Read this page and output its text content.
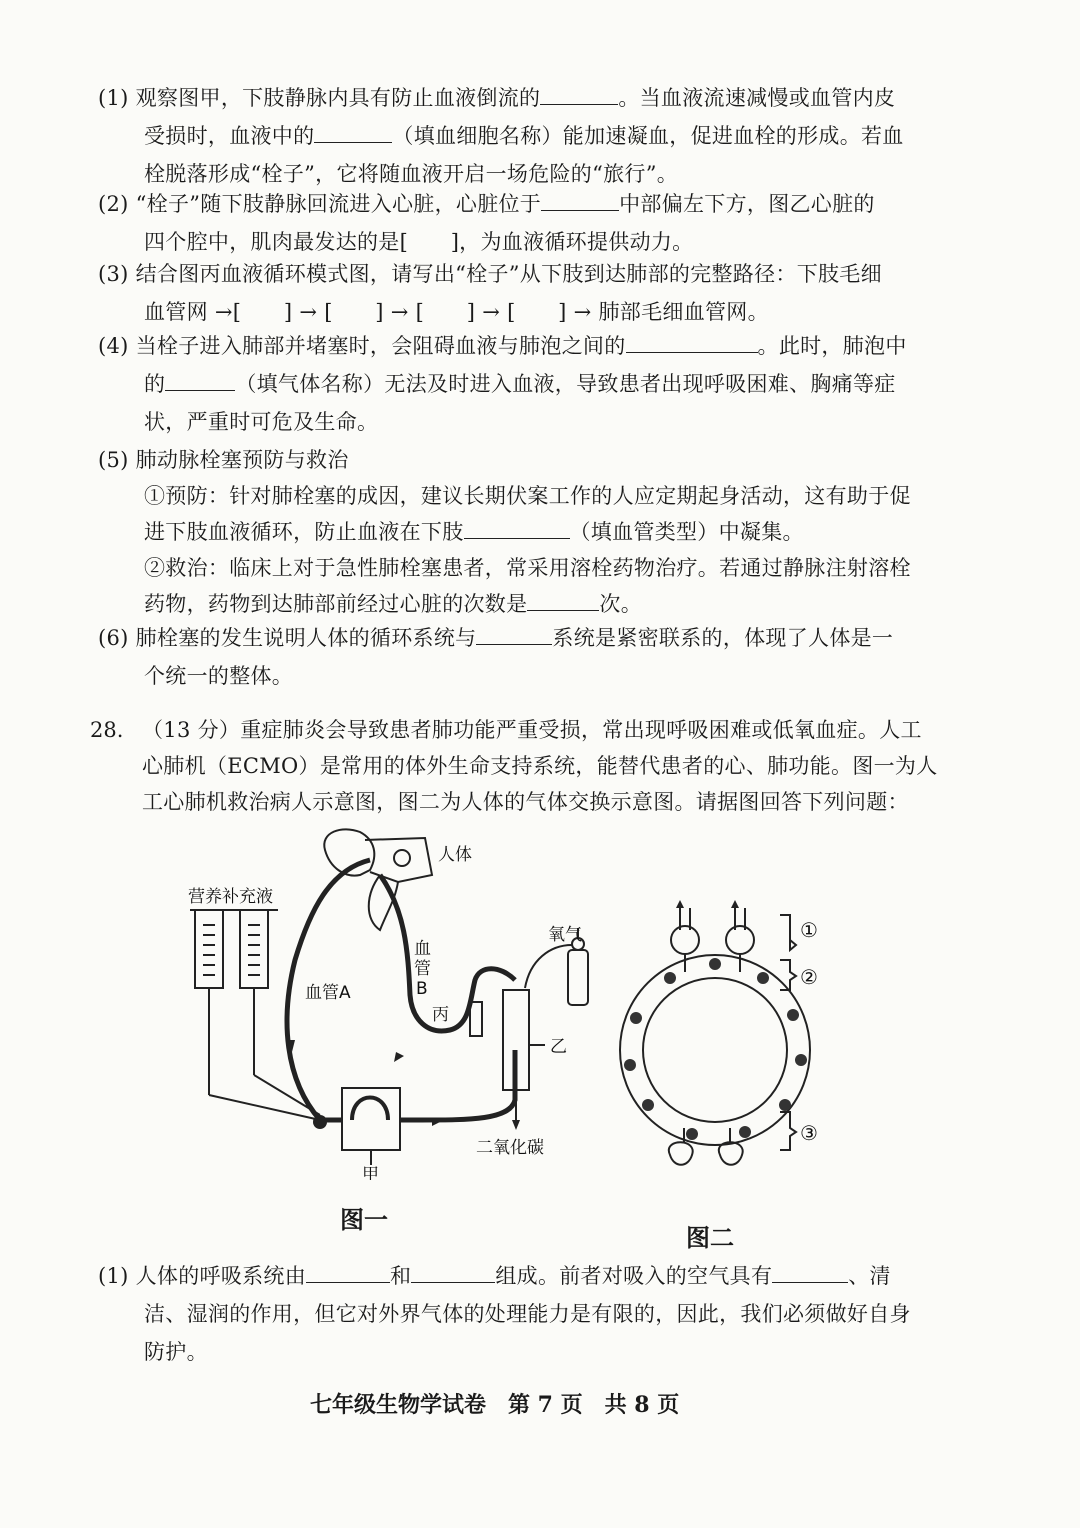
(1) 观察图甲，下肢静脉内具有防止血液倒流的	。当血液流速减慢或血管内皮
受损时，血液中的	（填血细胞名称）能加速凝血，促进血栓的形成。若血
栓脱落形成“栓子”，它将随血液开启一场危险的“旅行”。
(2) “栓子”随下肢静脉回流进入心脏，心脏位于	中部偏左下方，图乙心脏的
四个腔中，肌肉最发达的是[　　]，为血液循环提供动力。
(3) 结合图丙血液循环模式图，请写出“栓子”从下肢到达肺部的完整路径：下肢毛细
血管网 →[　　] → [　　] → [　　] → [　　] → 肺部毛细血管网。
(4) 当栓子进入肺部并堵塞时，会阻碍血液与肺泡之间的	。此时，肺泡中
的	（填气体名称）无法及时进入血液，导致患者出现呼吸困难、胸痛等症
状，严重时可危及生命。
(5) 肺动脉栓塞预防与救治
①预防：针对肺栓塞的成因，建议长期伏案工作的人应定期起身活动，这有助于促
进下肢血液循环，防止血液在下肢	（填血管类型）中凝集。
②救治：临床上对于急性肺栓塞患者，常采用溶栓药物治疗。若通过静脉注射溶栓
药物，药物到达肺部前经过心脏的次数是	次。
(6) 肺栓塞的发生说明人体的循环系统与	系统是紧密联系的，体现了人体是一
个统一的整体。
28. （13 分）重症肺炎会导致患者肺功能严重受损，常出现呼吸困难或低氧血症。人工
心肺机（ECMO）是常用的体外生命支持系统，能替代患者的心、肺功能。图一为人
工心肺机救治病人示意图，图二为人体的气体交换示意图。请据图回答下列问题：
人体
营养补充液
血管A
血
管
B
氧气
丙
乙
甲
二氧化碳
图一
①
②
③
图二
(1) 人体的呼吸系统由	和	组成。前者对吸入的空气具有	、清
洁、湿润的作用，但它对外界气体的处理能力是有限的，因此，我们必须做好自身
防护。
七年级生物学试卷　第 7 页　共 8 页
